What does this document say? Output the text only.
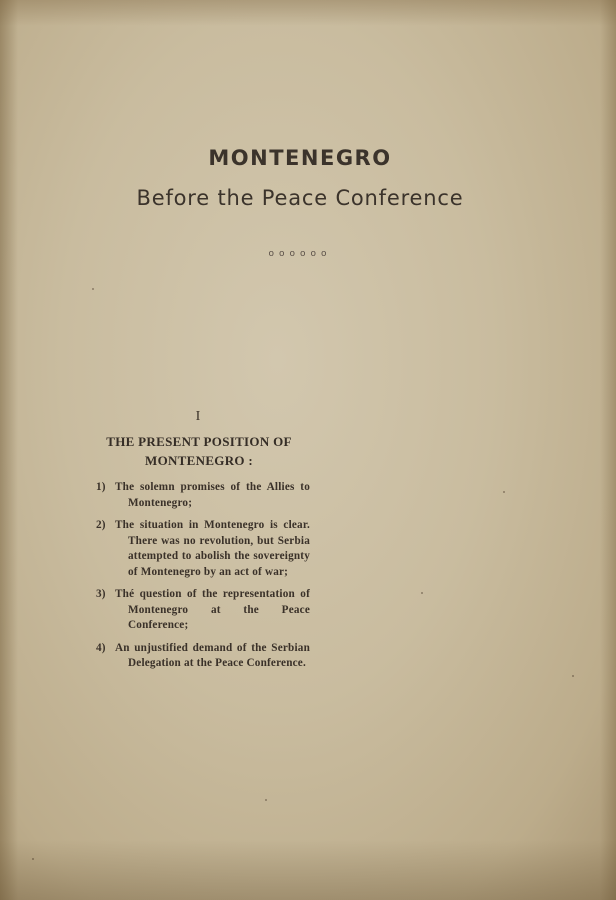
MONTENEGRO
Before the Peace Conference
oooooo
I
THE PRESENT POSITION OF MONTENEGRO :
1) The solemn promises of the Allies to Montenegro;
2) The situation in Montenegro is clear. There was no revolution, but Serbia attempted to abolish the sovereignty of Montenegro by an act of war;
3) Thé question of the representation of Montenegro at the Peace Conference;
4) An unjustified demand of the Serbian Delegation at the Peace Conference.
